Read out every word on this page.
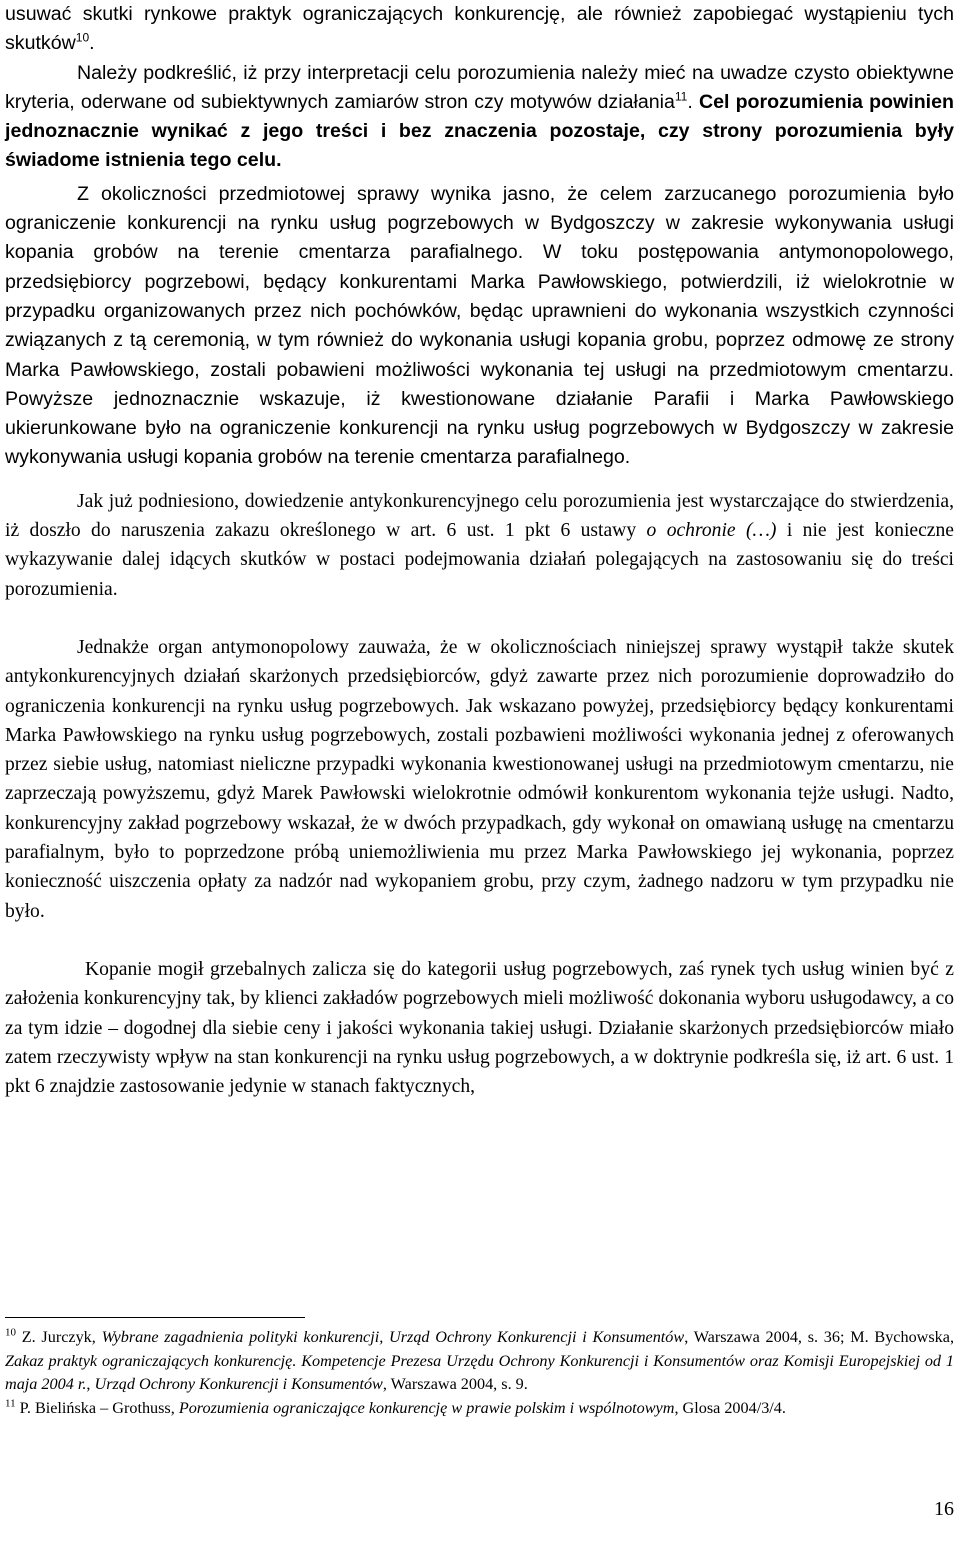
usuwać skutki rynkowe praktyk ograniczających konkurencję, ale również zapobiegać wystąpieniu tych skutków$^{10}$.

Należy podkreślić, iż przy interpretacji celu porozumienia należy mieć na uwadze czysto obiektywne kryteria, oderwane od subiektywnych zamiarów stron czy motywów działania$^{11}$. Cel porozumienia powinien jednoznacznie wynikać z jego treści i bez znaczenia pozostaje, czy strony porozumienia były świadome istnienia tego celu.

Z okoliczności przedmiotowej sprawy wynika jasno, że celem zarzucanego porozumienia było ograniczenie konkurencji na rynku usług pogrzebowych w Bydgoszczy w zakresie wykonywania usługi kopania grobów na terenie cmentarza parafialnego. W toku postępowania antymonopolowego, przedsiębiorcy pogrzebowi, będący konkurentami Marka Pawłowskiego, potwierdzili, iż wielokrotnie w przypadku organizowanych przez nich pochówków, będąc uprawnieni do wykonania wszystkich czynności związanych z tą ceremonią, w tym również do wykonania usługi kopania grobu, poprzez odmowę ze strony Marka Pawłowskiego, zostali pobawieni możliwości wykonania tej usługi na przedmiotowym cmentarzu. Powyższe jednoznacznie wskazuje, iż kwestionowane działanie Parafii i Marka Pawłowskiego ukierunkowane było na ograniczenie konkurencji na rynku usług pogrzebowych w Bydgoszczy w zakresie wykonywania usługi kopania grobów na terenie cmentarza parafialnego.

Jak już podniesiono, dowiedzenie antykonkurencyjnego celu porozumienia jest wystarczające do stwierdzenia, iż doszło do naruszenia zakazu określonego w art. 6 ust. 1 pkt 6 ustawy o ochronie (…) i nie jest konieczne wykazywanie dalej idących skutków w postaci podejmowania działań polegających na zastosowaniu się do treści porozumienia.

Jednakże organ antymonopolowy zauważa, że w okolicznościach niniejszej sprawy wystąpił także skutek antykonkurencyjnych działań skarżonych przedsiębiorców, gdyż zawarte przez nich porozumienie doprowadziło do ograniczenia konkurencji na rynku usług pogrzebowych. Jak wskazano powyżej, przedsiębiorcy będący konkurentami Marka Pawłowskiego na rynku usług pogrzebowych, zostali pozbawieni możliwości wykonania jednej z oferowanych przez siebie usług, natomiast nieliczne przypadki wykonania kwestionowanej usługi na przedmiotowym cmentarzu, nie zaprzeczają powyższemu, gdyż Marek Pawłowski wielokrotnie odmówił konkurentom wykonania tejże usługi. Nadto, konkurencyjny zakład pogrzebowy wskazał, że w dwóch przypadkach, gdy wykonał on omawianą usługę na cmentarzu parafialnym, było to poprzedzone próbą uniemożliwienia mu przez Marka Pawłowskiego jej wykonania, poprzez konieczność uiszczenia opłaty za nadzór nad wykopaniem grobu, przy czym, żadnego nadzoru w tym przypadku nie było.

Kopanie mogił grzebalnych zalicza się do kategorii usług pogrzebowych, zaś rynek tych usług winien być z założenia konkurencyjny tak, by klienci zakładów pogrzebowych mieli możliwość dokonania wyboru usługodawcy, a co za tym idzie – dogodnej dla siebie ceny i jakości wykonania takiej usługi. Działanie skarżonych przedsiębiorców miało zatem rzeczywisty wpływ na stan konkurencji na rynku usług pogrzebowych, a w doktrynie podkreśla się, iż art. 6 ust. 1 pkt 6 znajdzie zastosowanie jedynie w stanach faktycznych,

$^{10}$ Z. Jurczyk, Wybrane zagadnienia polityki konkurencji, Urząd Ochrony Konkurencji i Konsumentów, Warszawa 2004, s. 36; M. Bychowska, Zakaz praktyk ograniczających konkurencję. Kompetencje Prezesa Urzędu Ochrony Konkurencji i Konsumentów oraz Komisji Europejskiej od 1 maja 2004 r., Urząd Ochrony Konkurencji i Konsumentów, Warszawa 2004, s. 9.

$^{11}$ P. Bielińska – Grothuss, Porozumienia ograniczające konkurencję w prawie polskim i wspólnotowym, Glosa 2004/3/4.

16
